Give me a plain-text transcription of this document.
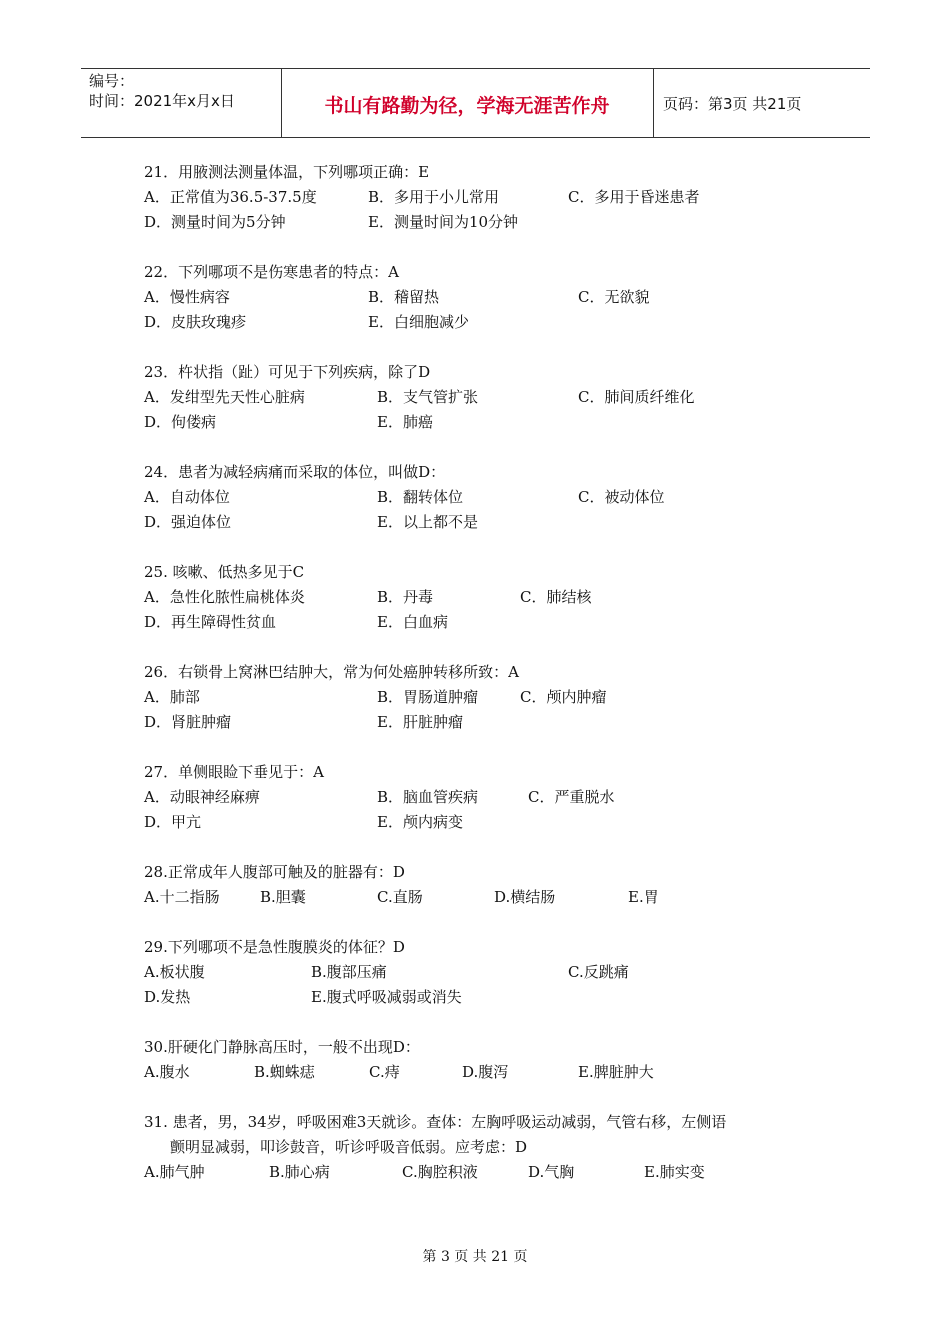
编号：
时间：2021年x月x日	书山有路勤为径，学海无涯苦作舟	页码：第3页 共21页
21．用腋测法测量体温，下列哪项正确：E
A．正常值为36.5-37.5度	B．多用于小儿常用	C．多用于昏迷患者
D．测量时间为5分钟	E．测量时间为10分钟
22．下列哪项不是伤寒患者的特点：A
A．慢性病容	B．稽留热	C．无欲貌
D．皮肤玫瑰疹	E．白细胞减少
23．杵状指（趾）可见于下列疾病，除了D
A．发绀型先天性心脏病	B．支气管扩张	C．肺间质纤维化
D．佝偻病	E．肺癌
24．患者为减轻病痛而采取的体位，叫做D：
A．自动体位	B．翻转体位	C．被动体位
D．强迫体位	E．以上都不是
25. 咳嗽、低热多见于C
A．急性化脓性扁桃体炎	B．丹毒	C．肺结核
D．再生障碍性贫血	E．白血病
26．右锁骨上窝淋巴结肿大，常为何处癌肿转移所致：A
A．肺部	B．胃肠道肿瘤	C．颅内肿瘤
D．肾脏肿瘤	E．肝脏肿瘤
27．单侧眼睑下垂见于：A
A．动眼神经麻痹	B．脑血管疾病	C．严重脱水
D．甲亢	E．颅内病变
28.正常成年人腹部可触及的脏器有：D
A.十二指肠	B.胆囊	C.直肠	D.横结肠	E.胃
29.下列哪项不是急性腹膜炎的体征？D
A.板状腹	B.腹部压痛	C.反跳痛
D.发热	E.腹式呼吸减弱或消失
30.肝硬化门静脉高压时，一般不出现D：
A.腹水	B.蜘蛛痣	C.痔	D.腹泻	E.脾脏肿大
31. 患者，男，34岁，呼吸困难3天就诊。查体：左胸呼吸运动减弱，气管右移，左侧语
颤明显减弱，叩诊鼓音，听诊呼吸音低弱。应考虑：D
A.肺气肿	B.肺心病	C.胸腔积液	D.气胸	E.肺实变
第 3 页 共 21 页
